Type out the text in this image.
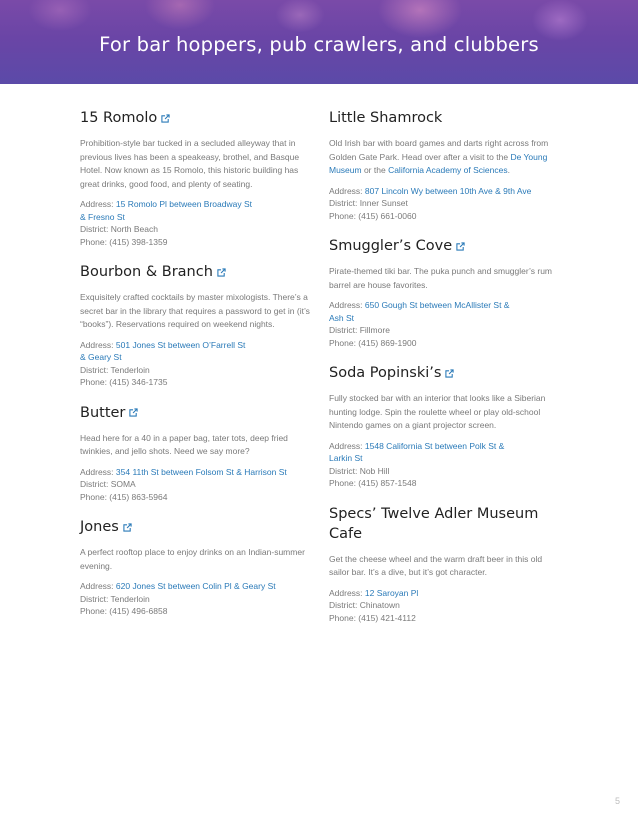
For bar hoppers, pub crawlers, and clubbers
15 Romolo

Prohibition-style bar tucked in a secluded alleyway that in previous lives has been a speakeasy, brothel, and Basque Hotel. Now known as 15 Romolo, this historic building has great drinks, good food, and plenty of seating.

Address: 15 Romolo Pl between Broadway St
& Fresno St
District: North Beach
Phone: (415) 398-1359
Bourbon & Branch

Exquisitely crafted cocktails by master mixologists. There’s a secret bar in the library that requires a password to get in (it’s “books”). Reservations required on weekend nights.

Address: 501 Jones St between O’Farrell St
& Geary St
District: Tenderloin
Phone: (415) 346-1735
Butter

Head here for a 40 in a paper bag, tater tots, deep fried twinkies, and jello shots. Need we say more?

Address: 354 11th St between Folsom St & Harrison St
District: SOMA
Phone: (415) 863-5964
Jones

A perfect rooftop place to enjoy drinks on an Indian-summer evening.

Address: 620 Jones St between Colin Pl & Geary St
District: Tenderloin
Phone: (415) 496-6858
Little Shamrock

Old Irish bar with board games and darts right across from Golden Gate Park. Head over after a visit to the De Young Museum or the California Academy of Sciences.

Address: 807 Lincoln Wy between 10th Ave & 9th Ave
District: Inner Sunset
Phone: (415) 661-0060
Smuggler’s Cove

Pirate-themed tiki bar. The puka punch and smuggler’s rum barrel are house favorites.

Address: 650 Gough St between McAllister St &
Ash St
District: Fillmore
Phone: (415) 869-1900
Soda Popinski’s

Fully stocked bar with an interior that looks like a Siberian hunting lodge. Spin the roulette wheel or play old-school Nintendo games on a giant projector screen.

Address: 1548 California St between Polk St &
Larkin St
District: Nob Hill
Phone: (415) 857-1548
Specs’ Twelve Adler Museum Cafe

Get the cheese wheel and the warm draft beer in this old sailor bar. It’s a dive, but it’s got character.

Address: 12 Saroyan Pl
District: Chinatown
Phone: (415) 421-4112
5
